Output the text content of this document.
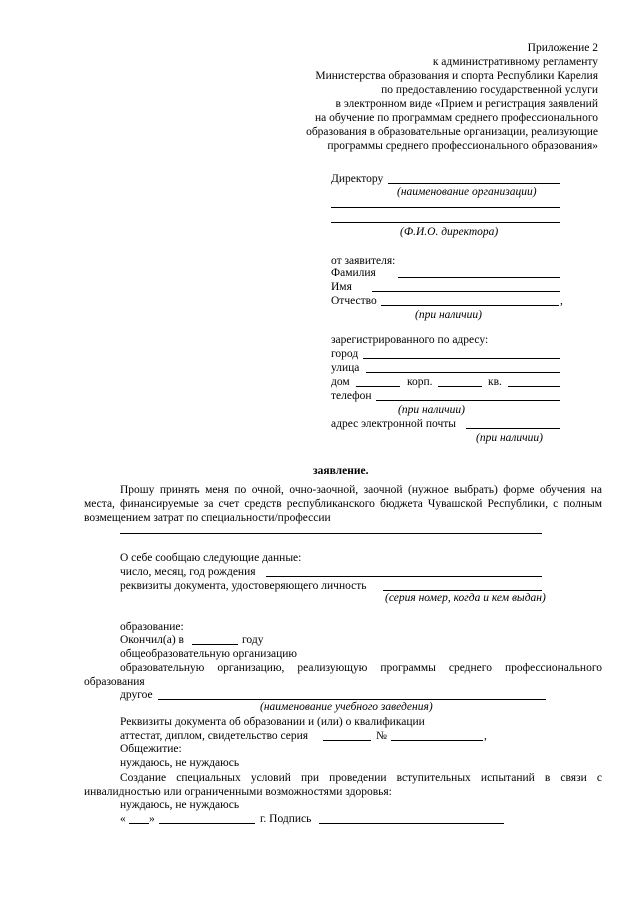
Приложение 2
к административному регламенту
Министерства образования и спорта Республики Карелия
по предоставлению государственной услуги
в электронном виде «Прием и регистрация заявлений
на обучение по программам среднего профессионального
образования в образовательные организации, реализующие
программы среднего профессионального образования»
Директору
(наименование организации)
(Ф.И.О. директора)
от заявителя:
Фамилия
Имя
Отчество	,
(при наличии)
зарегистрированного по адресу:
город
улица
дом	корп.	кв.
телефон
(при наличии)
адрес электронной почты
(при наличии)
заявление.
Прошу принять меня по очной, очно-заочной, заочной (нужное выбрать) форме обучения на места, финансируемые за счет средств республиканского бюджета Чувашской Республики, с полным возмещением затрат по специальности/профессии
О себе сообщаю следующие данные:
число, месяц, год рождения
реквизиты документа, удостоверяющего личность
(серия номер, когда и кем выдан)
образование:
Окончил(а) в	году
общеобразовательную организацию
образовательную организацию, реализующую программы среднего профессионального образования
другое
(наименование учебного заведения)
Реквизиты документа об образовании и (или) о квалификации
аттестат, диплом, свидетельство серия	№	,
Общежитие:
нуждаюсь, не нуждаюсь
Создание специальных условий при проведении вступительных испытаний в связи с инвалидностью или ограниченными возможностями здоровья:
нуждаюсь, не нуждаюсь
« »	г. Подпись
